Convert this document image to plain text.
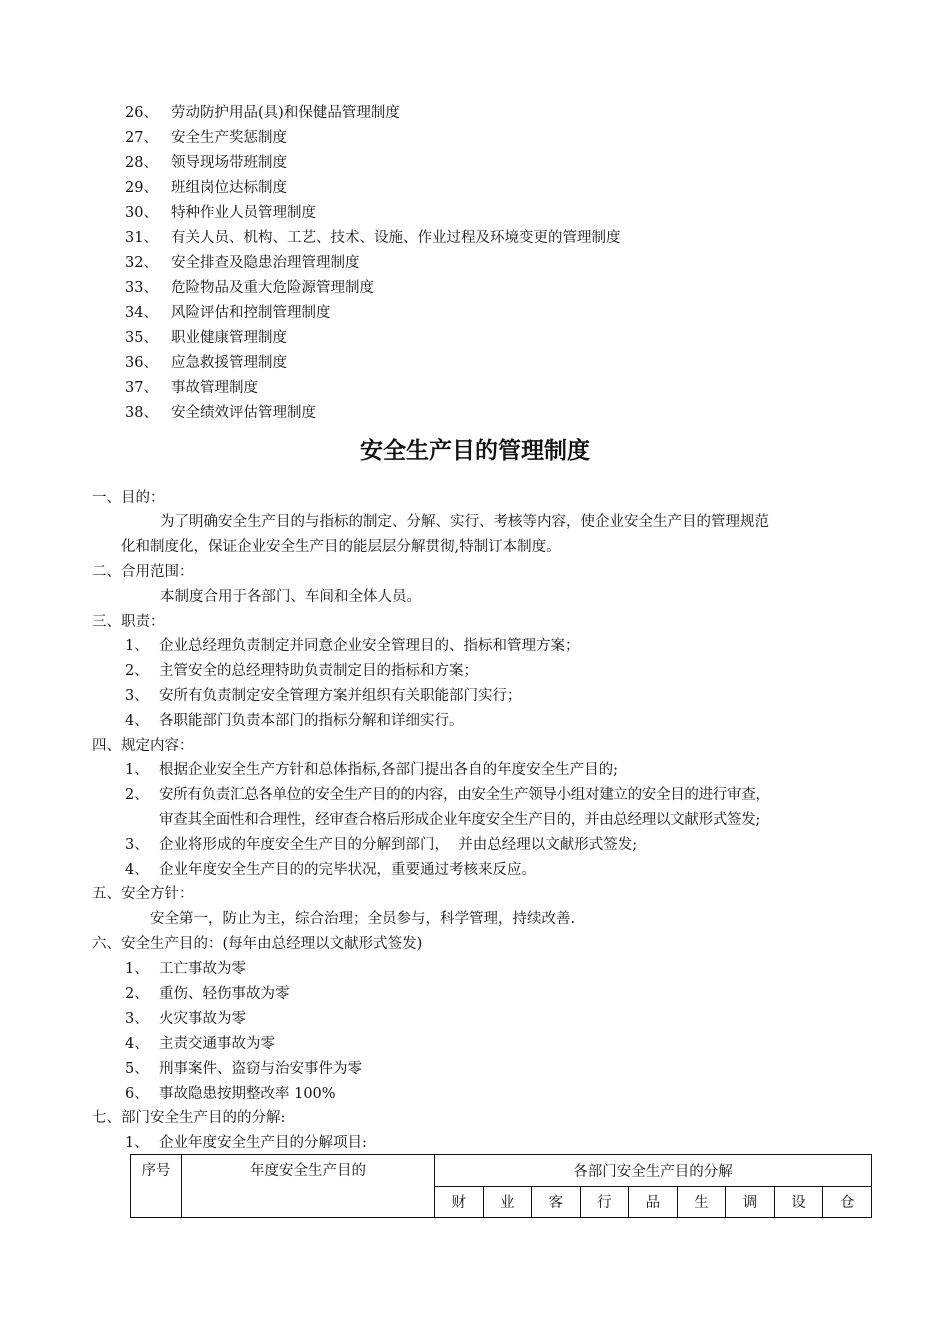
26、 劳动防护用品(具)和保健品管理制度
27、 安全生产奖惩制度
28、 领导现场带班制度
29、 班组岗位达标制度
30、 特种作业人员管理制度
31、 有关人员、机构、工艺、技术、设施、作业过程及环境变更的管理制度
32、 安全排查及隐患治理管理制度
33、 危险物品及重大危险源管理制度
34、 风险评估和控制管理制度
35、 职业健康管理制度
36、 应急救援管理制度
37、 事故管理制度
38、 安全绩效评估管理制度
安全生产目的管理制度
一、目的：
为了明确安全生产目的与指标的制定、分解、实行、考核等内容，使企业安全生产目的管理规范
化和制度化，保证企业安全生产目的能层层分解贯彻,特制订本制度。
二、合用范围：
本制度合用于各部门、车间和全体人员。
三、职责：
1、 企业总经理负责制定并同意企业安全管理目的、指标和管理方案；
2、 主管安全的总经理特助负责制定目的指标和方案；
3、 安所有负责制定安全管理方案并组织有关职能部门实行；
4、 各职能部门负责本部门的指标分解和详细实行。
四、规定内容：
1、 根据企业安全生产方针和总体指标,各部门提出各自的年度安全生产目的;
2、 安所有负责汇总各单位的安全生产目的的内容，由安全生产领导小组对建立的安全目的进行审查，
审查其全面性和合理性，经审查合格后形成企业年度安全生产目的，并由总经理以文献形式签发;
3、 企业将形成的年度安全生产目的分解到部门，  并由总经理以文献形式签发;
4、 企业年度安全生产目的的完毕状况，重要通过考核来反应。
五、安全方针：
安全第一，防止为主，综合治理；全员参与，科学管理，持续改善.
六、安全生产目的：(每年由总经理以文献形式签发)
1、 工亡事故为零
2、 重伤、轻伤事故为零
3、 火灾事故为零
4、 主责交通事故为零
5、 刑事案件、盗窃与治安事件为零
6、 事故隐患按期整改率 100%
七、部门安全生产目的的分解:
1、 企业年度安全生产目的分解项目:
序号	年度安全生产目的	各部门安全生产目的分解								
		财	业	客	行	品	生	调	设	仓
